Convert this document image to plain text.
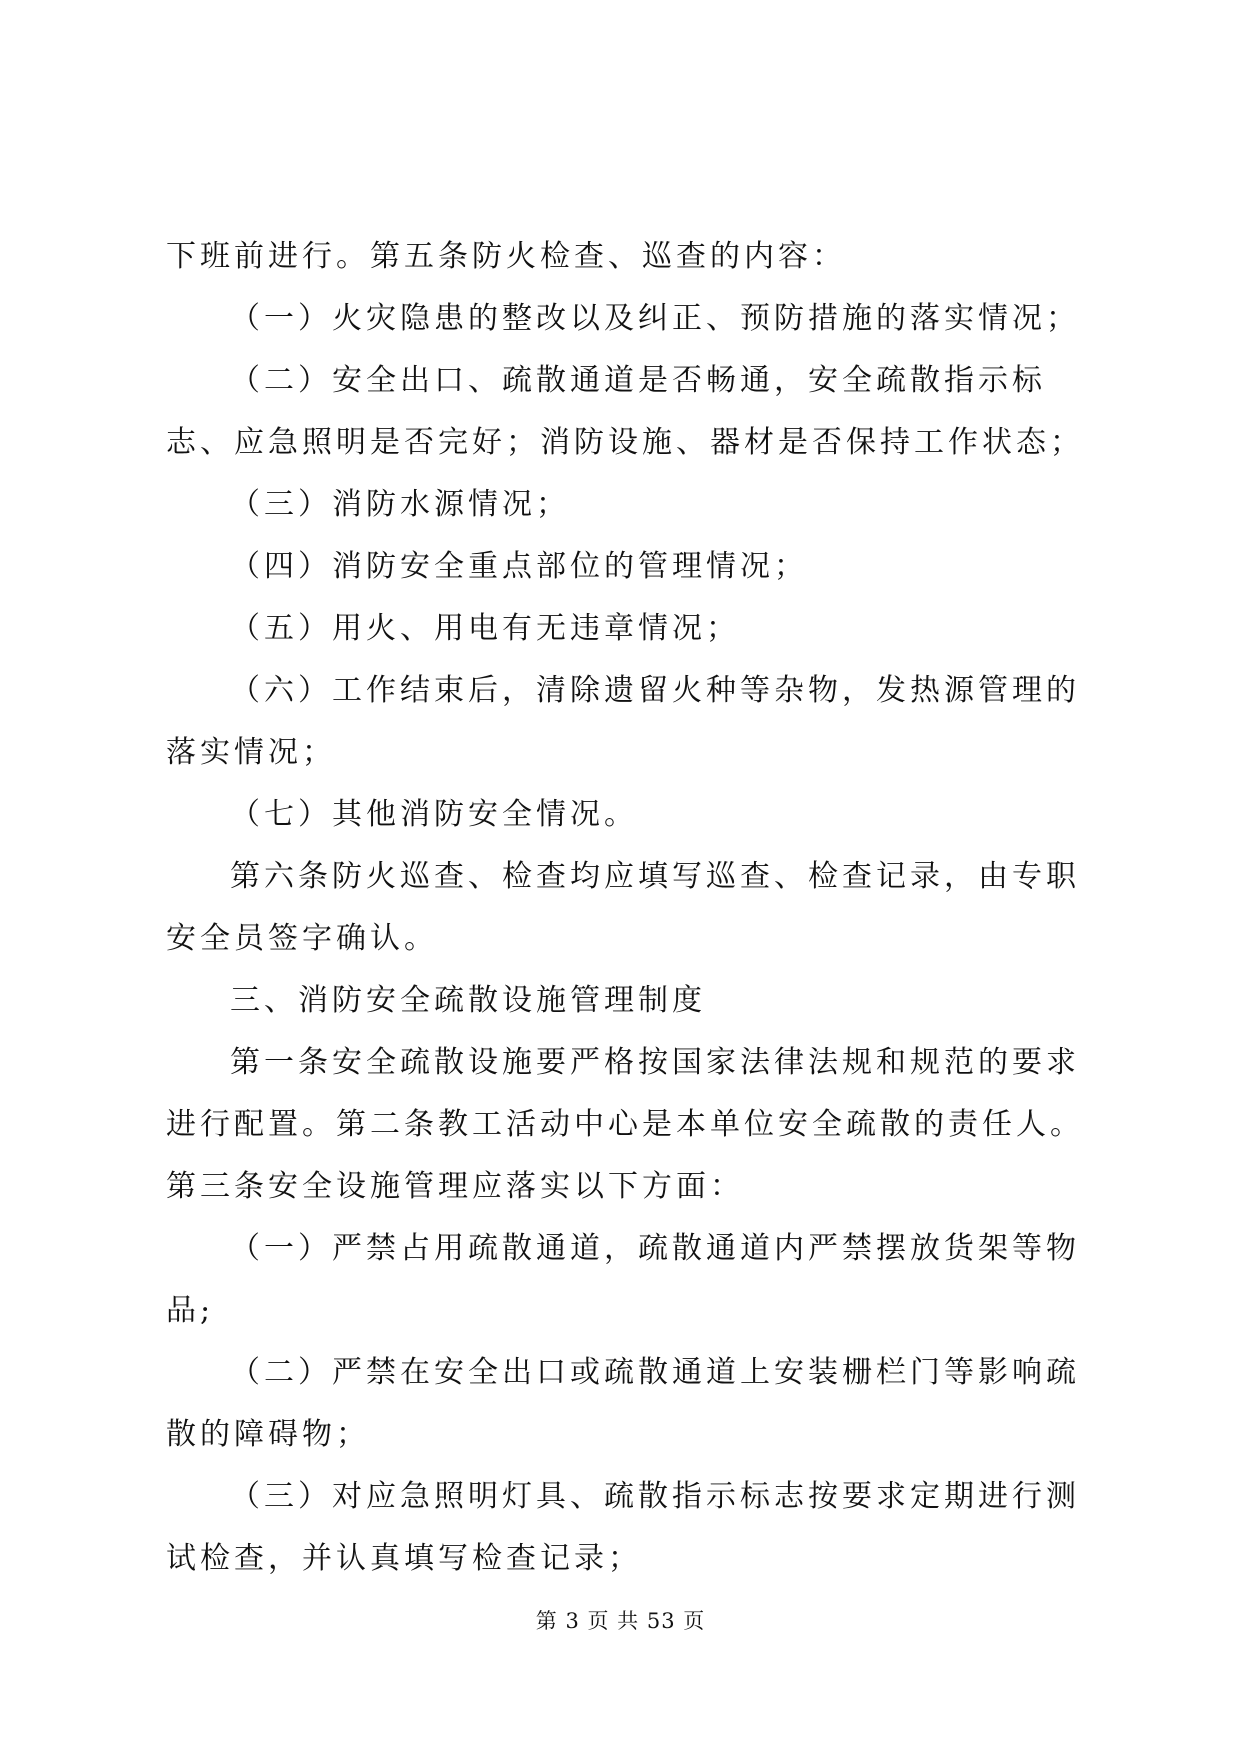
下班前进行。第五条防火检查、巡查的内容：

（一）火灾隐患的整改以及纠正、预防措施的落实情况；

（二）安全出口、疏散通道是否畅通，安全疏散指示标志、应急照明是否完好；消防设施、器材是否保持工作状态；

（三）消防水源情况；

（四）消防安全重点部位的管理情况；

（五）用火、用电有无违章情况；

（六）工作结束后，清除遗留火种等杂物，发热源管理的落实情况；

（七）其他消防安全情况。

第六条防火巡查、检查均应填写巡查、检查记录，由专职安全员签字确认。

三、消防安全疏散设施管理制度

第一条安全疏散设施要严格按国家法律法规和规范的要求进行配置。第二条教工活动中心是本单位安全疏散的责任人。第三条安全设施管理应落实以下方面：

（一）严禁占用疏散通道，疏散通道内严禁摆放货架等物品;

（二）严禁在安全出口或疏散通道上安装栅栏门等影响疏散的障碍物；

（三）对应急照明灯具、疏散指示标志按要求定期进行测试检查，并认真填写检查记录；

第 3 页 共 53 页
